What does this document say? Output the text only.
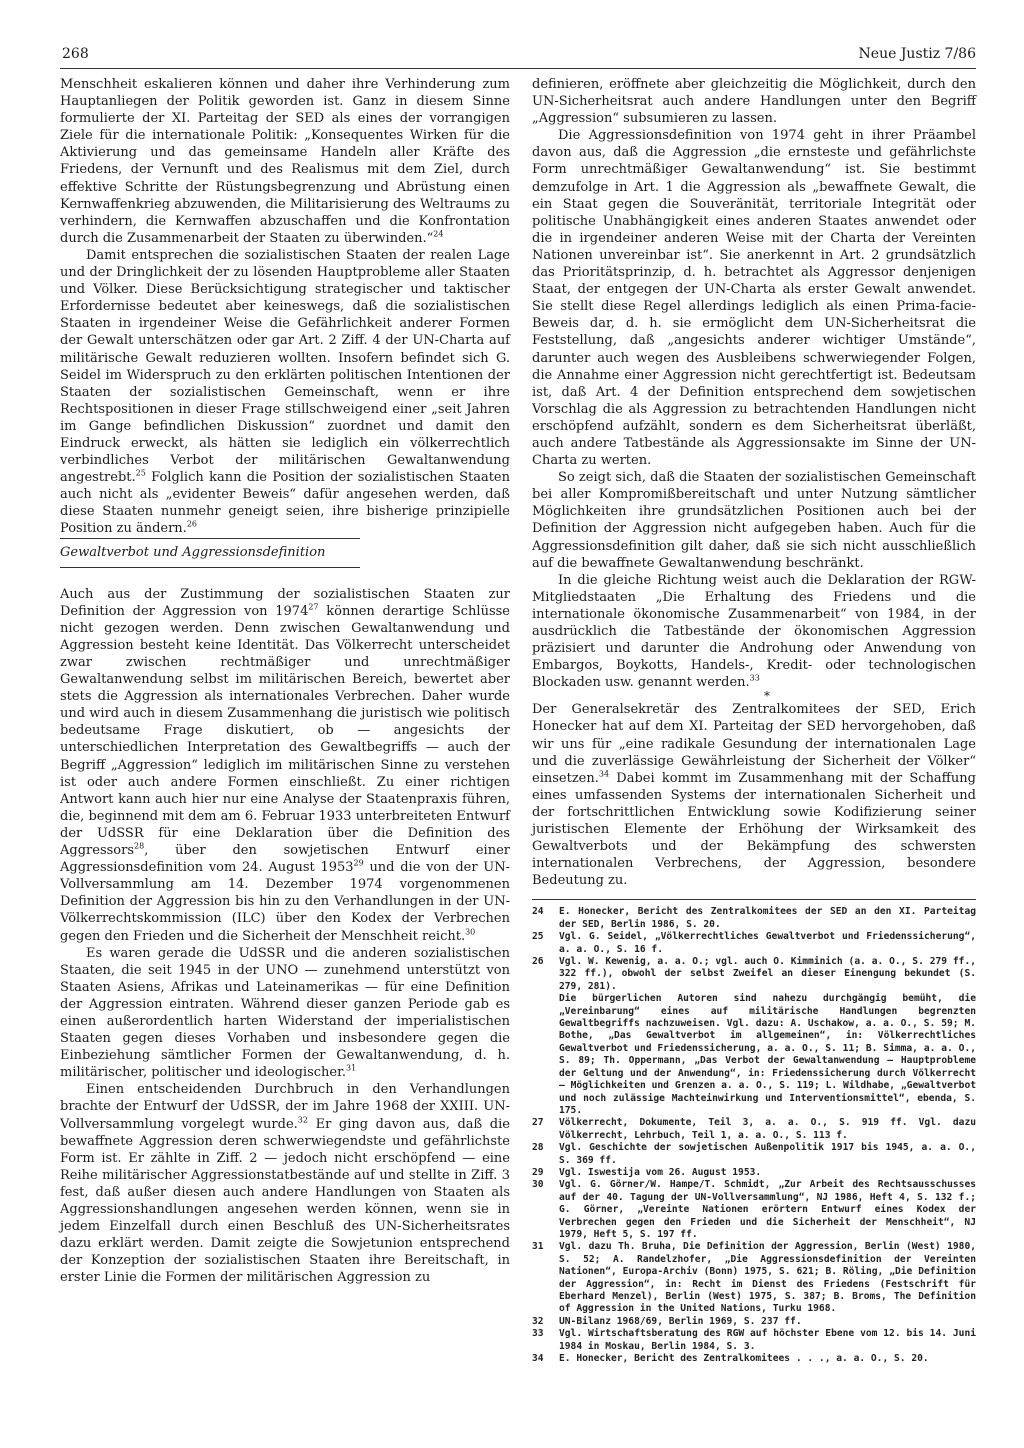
268	Neue Justiz 7/86

Menschheit eskalieren können und daher ihre Verhinderung zum Hauptanliegen der Politik geworden ist. Ganz in diesem Sinne formulierte der XI. Parteitag der SED als eines der vorrangigen Ziele für die internationale Politik: „Konsequentes Wirken für die Aktivierung und das gemeinsame Handeln aller Kräfte des Friedens, der Vernunft und des Realismus mit dem Ziel, durch effektive Schritte der Rüstungsbegrenzung und Abrüstung einen Kernwaffenkrieg abzuwenden, die Militarisierung des Weltraums zu verhindern, die Kernwaffen abzuschaffen und die Konfrontation durch die Zusammenarbeit der Staaten zu überwinden.“$^{24}$

Damit entsprechen die sozialistischen Staaten der realen Lage und der Dringlichkeit der zu lösenden Hauptprobleme aller Staaten und Völker. Diese Berücksichtigung strategischer und taktischer Erfordernisse bedeutet aber keineswegs, daß die sozialistischen Staaten in irgendeiner Weise die Gefährlichkeit anderer Formen der Gewalt unterschätzen oder gar Art. 2 Ziff. 4 der UN-Charta auf militärische Gewalt reduzieren wollten. Insofern befindet sich G. Seidel im Widerspruch zu den erklärten politischen Intentionen der Staaten der sozialistischen Gemeinschaft, wenn er ihre Rechtspositionen in dieser Frage stillschweigend einer „seit Jahren im Gange befindlichen Diskussion“ zuordnet und damit den Eindruck erweckt, als hätten sie lediglich ein völkerrechtlich verbindliches Verbot der militärischen Gewaltanwendung angestrebt.$^{25}$ Folglich kann die Position der sozialistischen Staaten auch nicht als „evidenter Beweis“ dafür angesehen werden, daß diese Staaten nunmehr geneigt seien, ihre bisherige prinzipielle Position zu ändern.$^{26}$

Gewaltverbot und Aggressionsdefinition

Auch aus der Zustimmung der sozialistischen Staaten zur Definition der Aggression von 1974$^{27}$ können derartige Schlüsse nicht gezogen werden. Denn zwischen Gewaltanwendung und Aggression besteht keine Identität. Das Völkerrecht unterscheidet zwar zwischen rechtmäßiger und unrechtmäßiger Gewaltanwendung selbst im militärischen Bereich, bewertet aber stets die Aggression als internationales Verbrechen. Daher wurde und wird auch in diesem Zusammenhang die juristisch wie politisch bedeutsame Frage diskutiert, ob — angesichts der unterschiedlichen Interpretation des Gewaltbegriffs — auch der Begriff „Aggression“ lediglich im militärischen Sinne zu verstehen ist oder auch andere Formen einschließt. Zu einer richtigen Antwort kann auch hier nur eine Analyse der Staatenpraxis führen, die, beginnend mit dem am 6. Februar 1933 unterbreiteten Entwurf der UdSSR für eine Deklaration über die Definition des Aggressors$^{28}$, über den sowjetischen Entwurf einer Aggressionsdefinition vom 24. August 1953$^{29}$ und die von der UN-Vollversammlung am 14. Dezember 1974 vorgenommenen Definition der Aggression bis hin zu den Verhandlungen in der UN-Völkerrechtskommission (ILC) über den Kodex der Verbrechen gegen den Frieden und die Sicherheit der Menschheit reicht.$^{30}$

Es waren gerade die UdSSR und die anderen sozialistischen Staaten, die seit 1945 in der UNO — zunehmend unterstützt von Staaten Asiens, Afrikas und Lateinamerikas — für eine Definition der Aggression eintraten. Während dieser ganzen Periode gab es einen außerordentlich harten Widerstand der imperialistischen Staaten gegen dieses Vorhaben und insbesondere gegen die Einbeziehung sämtlicher Formen der Gewaltanwendung, d. h. militärischer, politischer und ideologischer.$^{31}$

Einen entscheidenden Durchbruch in den Verhandlungen brachte der Entwurf der UdSSR, der im Jahre 1968 der XXIII. UN-Vollversammlung vorgelegt wurde.$^{32}$ Er ging davon aus, daß die bewaffnete Aggression deren schwerwiegendste und gefährlichste Form ist. Er zählte in Ziff. 2 — jedoch nicht erschöpfend — eine Reihe militärischer Aggressionstatbestände auf und stellte in Ziff. 3 fest, daß außer diesen auch andere Handlungen von Staaten als Aggressionshandlungen angesehen werden können, wenn sie in jedem Einzelfall durch einen Beschluß des UN-Sicherheitsrates dazu erklärt werden. Damit zeigte die Sowjetunion entsprechend der Konzeption der sozialistischen Staaten ihre Bereitschaft, in erster Linie die Formen der militärischen Aggression zu

definieren, eröffnete aber gleichzeitig die Möglichkeit, durch den UN-Sicherheitsrat auch andere Handlungen unter den Begriff „Aggression“ subsumieren zu lassen.

Die Aggressionsdefinition von 1974 geht in ihrer Präambel davon aus, daß die Aggression „die ernsteste und gefährlichste Form unrechtmäßiger Gewaltanwendung“ ist. Sie bestimmt demzufolge in Art. 1 die Aggression als „bewaffnete Gewalt, die ein Staat gegen die Souveränität, territoriale Integrität oder politische Unabhängigkeit eines anderen Staates anwendet oder die in irgendeiner anderen Weise mit der Charta der Vereinten Nationen unvereinbar ist“. Sie anerkennt in Art. 2 grundsätzlich das Prioritätsprinzip, d. h. betrachtet als Aggressor denjenigen Staat, der entgegen der UN-Charta als erster Gewalt anwendet. Sie stellt diese Regel allerdings lediglich als einen Prima-facie-Beweis dar, d. h. sie ermöglicht dem UN-Sicherheitsrat die Feststellung, daß „angesichts anderer wichtiger Umstände“, darunter auch wegen des Ausbleibens schwerwiegender Folgen, die Annahme einer Aggression nicht gerechtfertigt ist. Bedeutsam ist, daß Art. 4 der Definition entsprechend dem sowjetischen Vorschlag die als Aggression zu betrachtenden Handlungen nicht erschöpfend aufzählt, sondern es dem Sicherheitsrat überläßt, auch andere Tatbestände als Aggressionsakte im Sinne der UN-Charta zu werten.

So zeigt sich, daß die Staaten der sozialistischen Gemeinschaft bei aller Kompromißbereitschaft und unter Nutzung sämtlicher Möglichkeiten ihre grundsätzlichen Positionen auch bei der Definition der Aggression nicht aufgegeben haben. Auch für die Aggressionsdefinition gilt daher, daß sie sich nicht ausschließlich auf die bewaffnete Gewaltanwendung beschränkt.

In die gleiche Richtung weist auch die Deklaration der RGW-Mitgliedstaaten „Die Erhaltung des Friedens und die internationale ökonomische Zusammenarbeit“ von 1984, in der ausdrücklich die Tatbestände der ökonomischen Aggression präzisiert und darunter die Androhung oder Anwendung von Embargos, Boykotts, Handels-, Kredit- oder technologischen Blockaden usw. genannt werden.$^{33}$

*

Der Generalsekretär des Zentralkomitees der SED, Erich Honecker hat auf dem XI. Parteitag der SED hervorgehoben, daß wir uns für „eine radikale Gesundung der internationalen Lage und die zuverlässige Gewährleistung der Sicherheit der Völker“ einsetzen.$^{34}$ Dabei kommt im Zusammenhang mit der Schaffung eines umfassenden Systems der internationalen Sicherheit und der fortschrittlichen Entwicklung sowie Kodifizierung seiner juristischen Elemente der Erhöhung der Wirksamkeit des Gewaltverbots und der Bekämpfung des schwersten internationalen Verbrechens, der Aggression, besondere Bedeutung zu.

24	E. Honecker, Bericht des Zentralkomitees der SED an den XI. Parteitag der SED, Berlin 1986, S. 20.
25	Vgl. G. Seidel, „Völkerrechtliches Gewaltverbot und Friedenssicherung“, a. a. O., S. 16 f.
26	Vgl. W. Kewenig, a. a. O.; vgl. auch O. Kimminich (a. a. O., S. 279 ff., 322 ff.), obwohl der selbst Zweifel an dieser Einengung bekundet (S. 279, 281).
Die bürgerlichen Autoren sind nahezu durchgängig bemüht, die „Vereinbarung“ eines auf militärische Handlungen begrenzten Gewaltbegriffs nachzuweisen. Vgl. dazu: A. Uschakow, a. a. O., S. 59; M. Bothe, „Das Gewaltverbot im allgemeinen“, in: Völkerrechtliches Gewaltverbot und Friedenssicherung, a. a. O., S. 11; B. Simma, a. a. O., S. 89; Th. Oppermann, „Das Verbot der Gewaltanwendung — Hauptprobleme der Geltung und der Anwendung“, in: Friedenssicherung durch Völkerrecht — Möglichkeiten und Grenzen a. a. O., S. 119; L. Wildhabe, „Gewaltverbot und noch zulässige Machteinwirkung und Interventionsmittel“, ebenda, S. 175.
27	Völkerrecht, Dokumente, Teil 3, a. a. O., S. 919 ff. Vgl. dazu Völkerrecht, Lehrbuch, Teil 1, a. a. O., S. 113 f.
28	Vgl. Geschichte der sowjetischen Außenpolitik 1917 bis 1945, a. a. O., S. 369 ff.
29	Vgl. Iswestija vom 26. August 1953.
30	Vgl. G. Görner/W. Hampe/T. Schmidt, „Zur Arbeit des Rechtsausschusses auf der 40. Tagung der UN-Vollversammlung“, NJ 1986, Heft 4, S. 132 f.; G. Görner, „Vereinte Nationen erörtern Entwurf eines Kodex der Verbrechen gegen den Frieden und die Sicherheit der Menschheit“, NJ 1979, Heft 5, S. 197 ff.
31	Vgl. dazu Th. Bruha, Die Definition der Aggression, Berlin (West) 1980, S. 52; A. Randelzhofer, „Die Aggressionsdefinition der Vereinten Nationen“, Europa-Archiv (Bonn) 1975, S. 621; B. Röling, „Die Definition der Aggression“, in: Recht im Dienst des Friedens (Festschrift für Eberhard Menzel), Berlin (West) 1975, S. 387; B. Broms, The Definition of Aggression in the United Nations, Turku 1968.
32	UN-Bilanz 1968/69, Berlin 1969, S. 237 ff.
33	Vgl. Wirtschaftsberatung des RGW auf höchster Ebene vom 12. bis 14. Juni 1984 in Moskau, Berlin 1984, S. 3.
34	E. Honecker, Bericht des Zentralkomitees . . ., a. a. O., S. 20.
